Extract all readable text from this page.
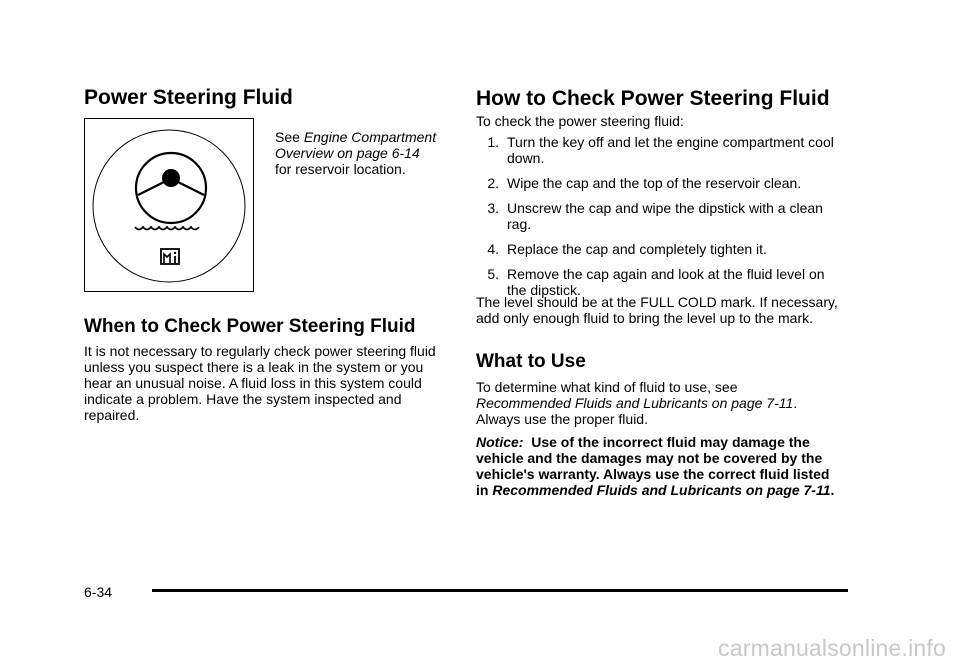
Power Steering Fluid
See Engine Compartment Overview on page 6‑14
for reservoir location.
When to Check Power Steering Fluid

It is not necessary to regularly check power steering fluid unless you suspect there is a leak in the system or you hear an unusual noise. A fluid loss in this system could indicate a problem. Have the system inspected and repaired.

How to Check Power Steering Fluid

To check the power steering fluid:

1. Turn the key off and let the engine compartment cool down.
2. Wipe the cap and the top of the reservoir clean.
3. Unscrew the cap and wipe the dipstick with a clean rag.
4. Replace the cap and completely tighten it.
5. Remove the cap again and look at the fluid level on the dipstick.

The level should be at the FULL COLD mark. If necessary, add only enough fluid to bring the level up to the mark.

What to Use

To determine what kind of fluid to use, see
Recommended Fluids and Lubricants on page 7‑11.
Always use the proper fluid.

Notice: Use of the incorrect fluid may damage the vehicle and the damages may not be covered by the vehicle's warranty. Always use the correct fluid listed in Recommended Fluids and Lubricants on page 7‑11.

6-34
carmanualsonline.info
